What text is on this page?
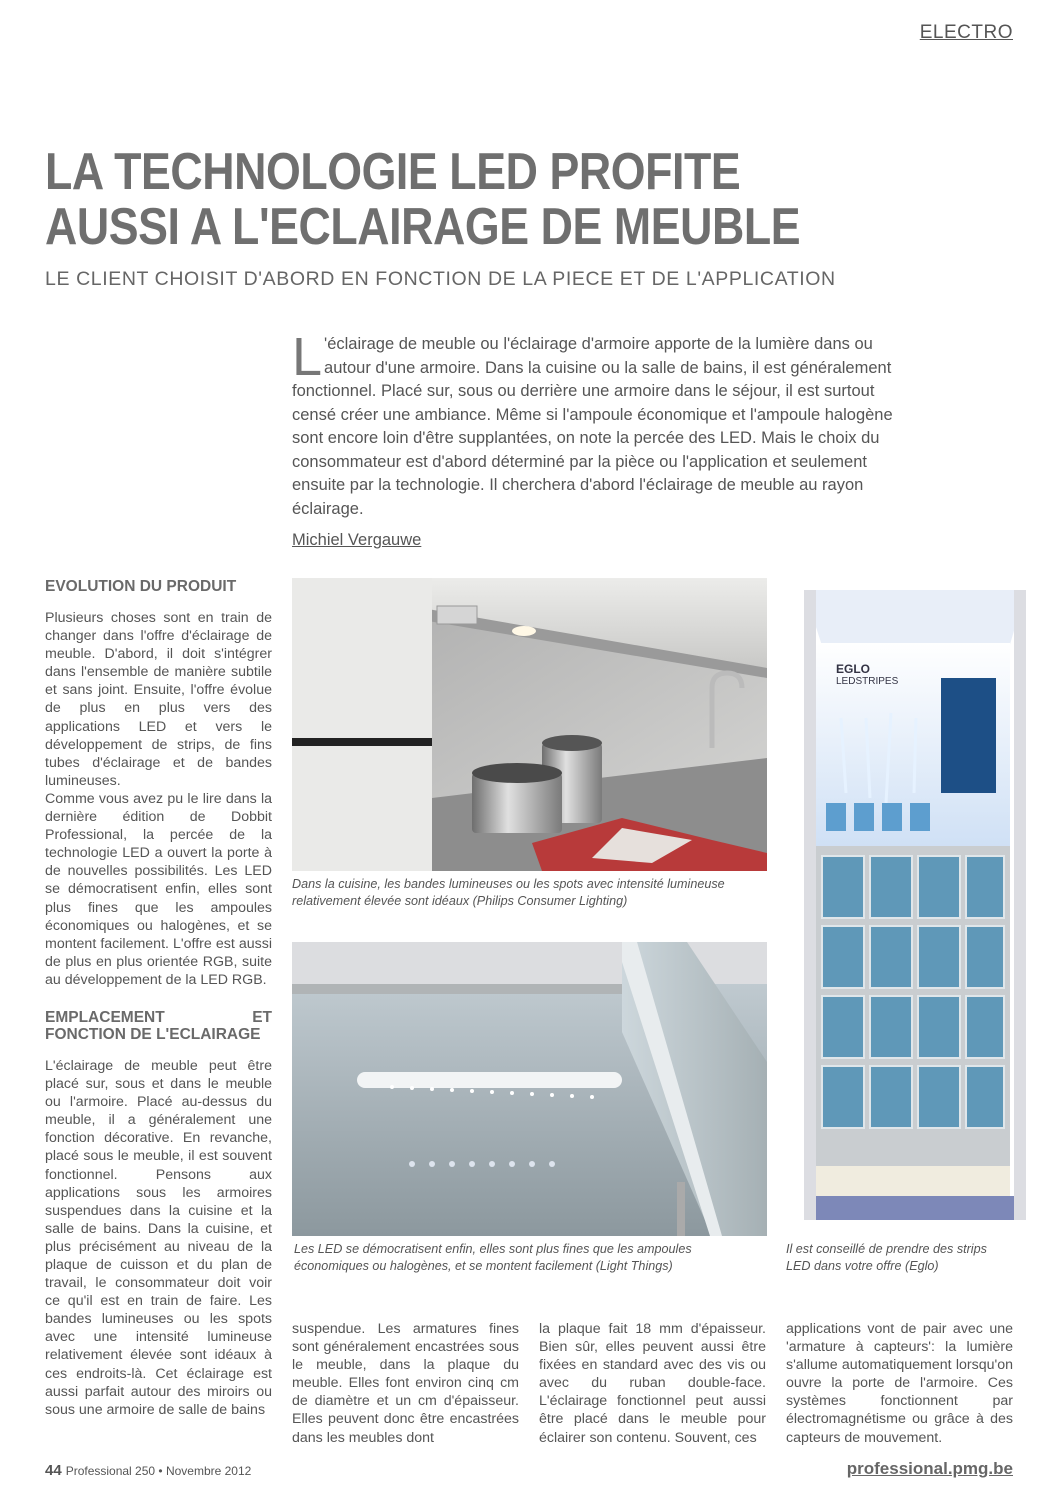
ELECTRO
LA TECHNOLOGIE LED PROFITE
AUSSI A L'ECLAIRAGE DE MEUBLE
LE CLIENT CHOISIT D'ABORD EN FONCTION DE LA PIECE ET DE L'APPLICATION
L 'éclairage de meuble ou l'éclairage d'armoire apporte de la lumière dans ou autour d'une armoire. Dans la cuisine ou la salle de bains, il est généralement fonctionnel. Placé sur, sous ou derrière une armoire dans le séjour, il est surtout censé créer une ambiance. Même si l'ampoule économique et l'ampoule halogène sont encore loin d'être supplantées, on note la percée des LED. Mais le choix du consommateur est d'abord déterminé par la pièce ou l'application et seulement ensuite par la technologie. Il cherchera d'abord l'éclairage de meuble au rayon éclairage.
Michiel Vergauwe
EVOLUTION DU PRODUIT

Plusieurs choses sont en train de changer dans l'offre d'éclairage de meuble. D'abord, il doit s'intégrer dans l'ensemble de manière subtile et sans joint. Ensuite, l'offre évolue de plus en plus vers des applications LED et vers le développement de strips, de fins tubes d'éclairage et de bandes lumineuses.

Comme vous avez pu le lire dans la dernière édition de Dobbit Professional, la percée de la technologie LED a ouvert la porte à de nouvelles possibilités. Les LED se démocratisent enfin, elles sont plus fines que les ampoules économiques ou halogènes, et se montent facilement. L'offre est aussi de plus en plus orientée RGB, suite au développement de la LED RGB.

EMPLACEMENT ET FONCTION DE L'ECLAIRAGE

L'éclairage de meuble peut être placé sur, sous et dans le meuble ou l'armoire. Placé au-dessus du meuble, il a généralement une fonction décorative. En revanche, placé sous le meuble, il est souvent fonctionnel. Pensons aux applications sous les armoires suspendues dans la cuisine et la salle de bains. Dans la cuisine, et plus précisément au niveau de la plaque de cuisson et du plan de travail, le consommateur doit voir ce qu'il est en train de faire. Les bandes lumineuses ou les spots avec une intensité lumineuse relativement élevée sont idéaux à ces endroits-là. Cet éclairage est aussi parfait autour des miroirs ou sous une armoire de salle de bains

Dans la cuisine, les bandes lumineuses ou les spots avec intensité lumineuse relativement élevée sont idéaux (Philips Consumer Lighting)
Les LED se démocratisent enfin, elles sont plus fines que les ampoules économiques ou halogènes, et se montent facilement (Light Things)
EGLO
LEDSTRIPES
Il est conseillé de prendre des strips LED dans votre offre (Eglo)
suspendue. Les armatures fines sont généralement encastrées sous le meuble, dans la plaque du meuble. Elles font environ cinq cm de diamètre et un cm d'épaisseur. Elles peuvent donc être encastrées dans les meubles dont
la plaque fait 18 mm d'épaisseur. Bien sûr, elles peuvent aussi être fixées en standard avec des vis ou avec du ruban double-face. L'éclairage fonctionnel peut aussi être placé dans le meuble pour éclairer son contenu. Souvent, ces
applications vont de pair avec une 'armature à capteurs': la lumière s'allume automatiquement lorsqu'on ouvre la porte de l'armoire. Ces systèmes fonctionnent par électromagnétisme ou grâce à des capteurs de mouvement.
44 Professional 250 • Novembre 2012	professional.pmg.be
